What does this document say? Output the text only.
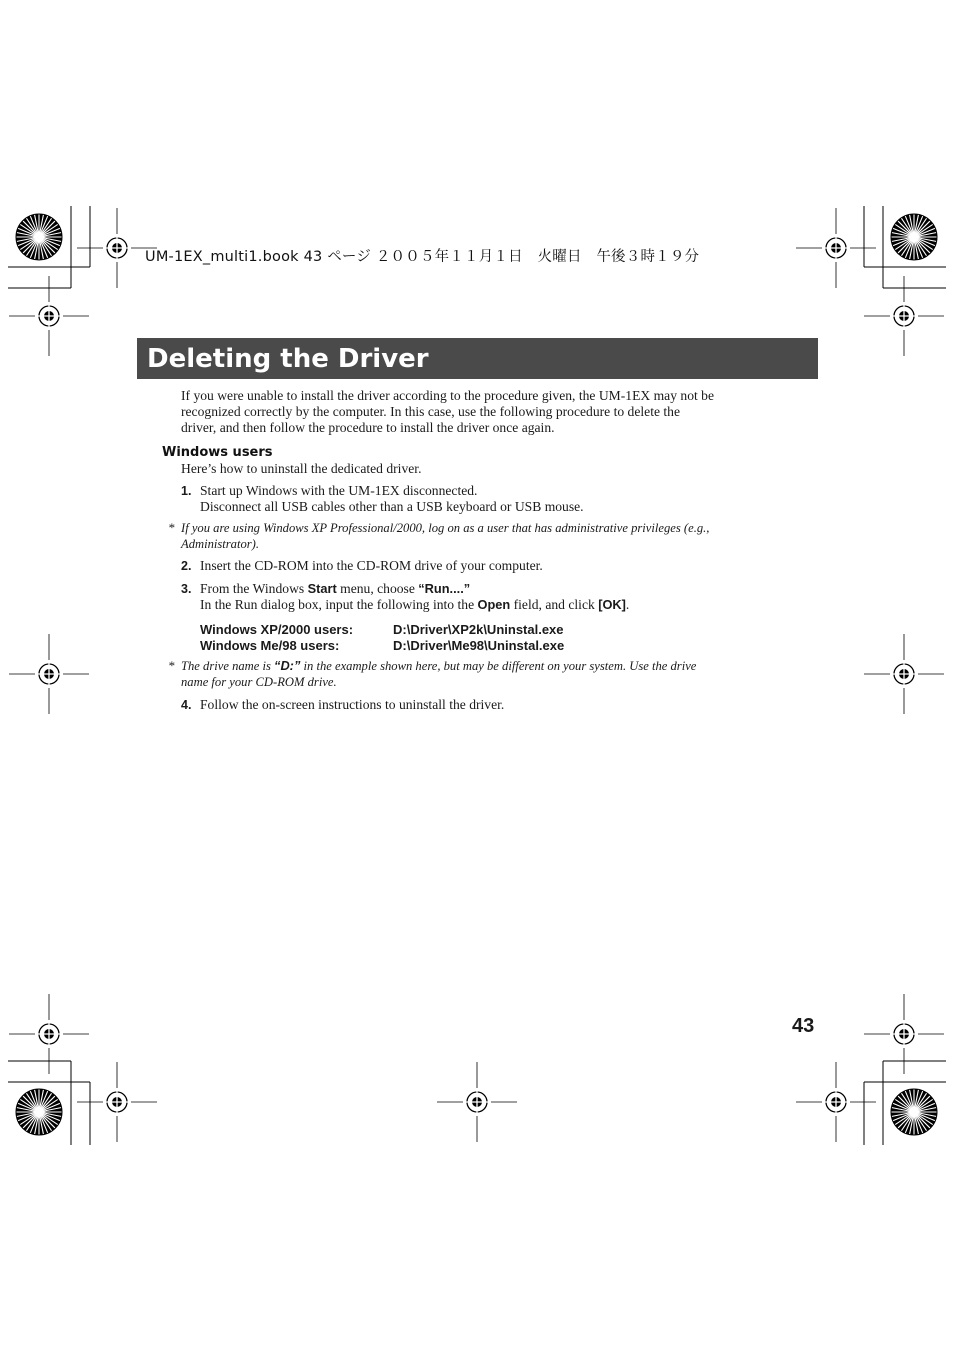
UM-1EX_multi1.book 43 ページ ２００５年１１月１日　火曜日　午後３時１９分
Deleting the Driver
If you were unable to install the driver according to the procedure given, the UM-1EX may not be
recognized correctly by the computer. In this case, use the following procedure to delete the
driver, and then follow the procedure to install the driver once again.
Windows users
Here’s how to uninstall the dedicated driver.
1. Start up Windows with the UM-1EX disconnected.
Disconnect all USB cables other than a USB keyboard or USB mouse.
* If you are using Windows XP Professional/2000, log on as a user that has administrative privileges (e.g.,
Administrator).
2. Insert the CD-ROM into the CD-ROM drive of your computer.
3. From the Windows Start menu, choose “Run....”
In the Run dialog box, input the following into the Open field, and click [OK].
Windows XP/2000 users:	D:\Driver\XP2k\Uninstal.exe
Windows Me/98 users:	D:\Driver\Me98\Uninstal.exe
* The drive name is “D:” in the example shown here, but may be different on your system. Use the drive
name for your CD-ROM drive.
4. Follow the on-screen instructions to uninstall the driver.
43
